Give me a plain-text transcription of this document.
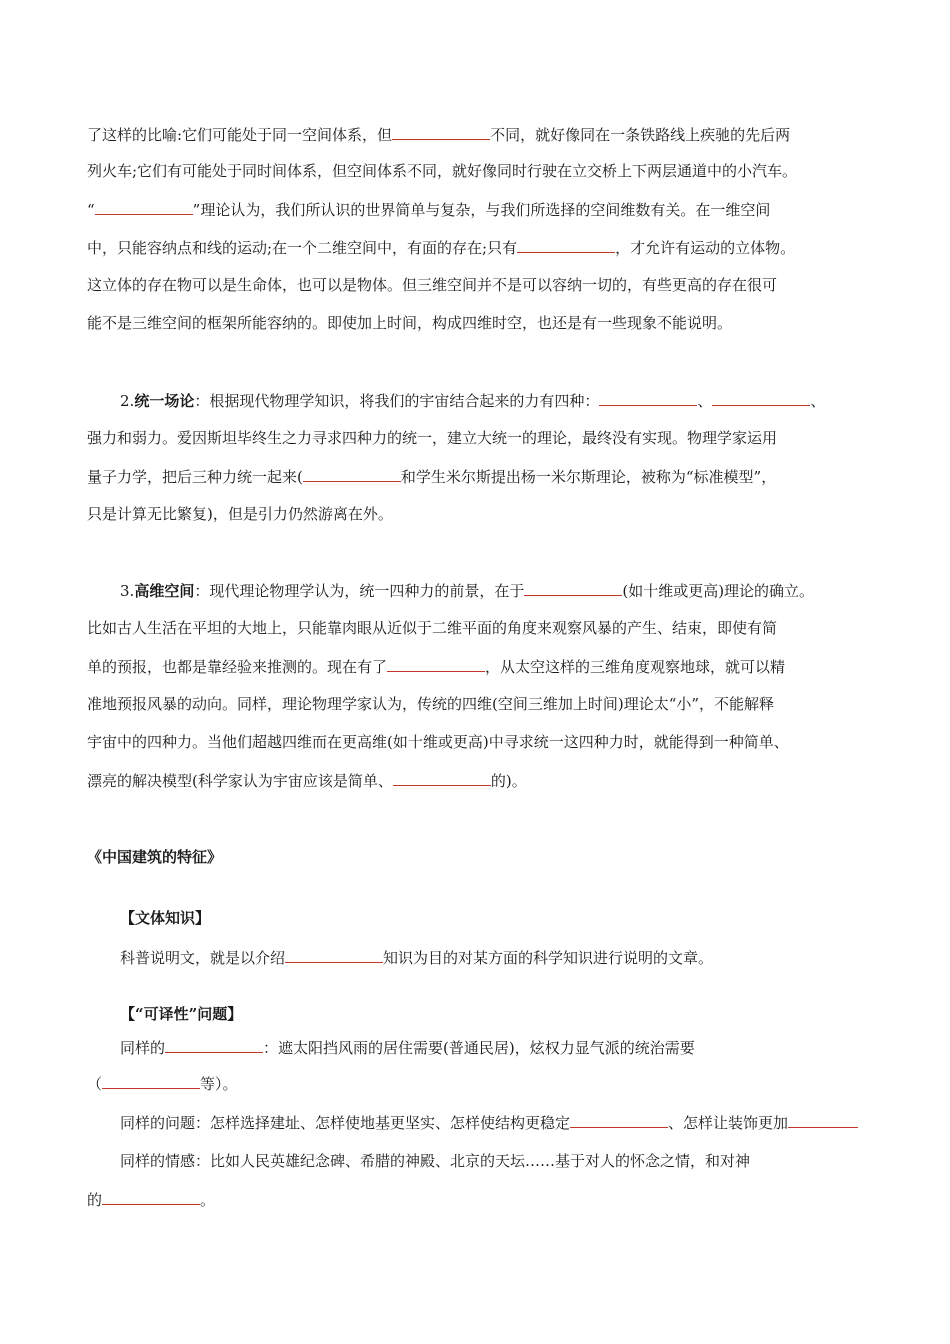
了这样的比喻:它们可能处于同一空间体系，但	不同，就好像同在一条铁路线上疾驰的先后两
列火车;它们有可能处于同时间体系，但空间体系不同，就好像同时行驶在立交桥上下两层通道中的小汽车。
“	”理论认为，我们所认识的世界简单与复杂，与我们所选择的空间维数有关。在一维空间
中，只能容纳点和线的运动;在一个二维空间中，有面的存在;只有	，才允许有运动的立体物。
这立体的存在物可以是生命体，也可以是物体。但三维空间并不是可以容纳一切的，有些更高的存在很可
能不是三维空间的框架所能容纳的。即使加上时间，构成四维时空，也还是有一些现象不能说明。
2.统一场论：根据现代物理学知识，将我们的宇宙结合起来的力有四种：	、	、
强力和弱力。爱因斯坦毕终生之力寻求四种力的统一，建立大统一的理论，最终没有实现。物理学家运用
量子力学，把后三种力统一起来(	和学生米尔斯提出杨一米尔斯理论，被称为“标准模型”，
只是计算无比繁复)，但是引力仍然游离在外。
3.高维空间：现代理论物理学认为，统一四种力的前景，在于	(如十维或更高)理论的确立。
比如古人生活在平坦的大地上，只能靠肉眼从近似于二维平面的角度来观察风暴的产生、结束，即使有简
单的预报，也都是靠经验来推测的。现在有了	，从太空这样的三维角度观察地球，就可以精
准地预报风暴的动向。同样，理论物理学家认为，传统的四维(空间三维加上时间)理论太“小”，不能解释
宇宙中的四种力。当他们超越四维而在更高维(如十维或更高)中寻求统一这四种力时，就能得到一种简单、
漂亮的解决模型(科学家认为宇宙应该是简单、	的)。
《中国建筑的特征》
【文体知识】
科普说明文，就是以介绍	知识为目的对某方面的科学知识进行说明的文章。
【“可译性”问题】
同样的	：遮太阳挡风雨的居住需要(普通民居)，炫权力显气派的统治需要
（	等）。
同样的问题：怎样选择建址、怎样使地基更坚实、怎样使结构更稳定	、怎样让装饰更加
同样的情感：比如人民英雄纪念碑、希腊的神殿、北京的天坛……基于对人的怀念之情，和对神
的	。
